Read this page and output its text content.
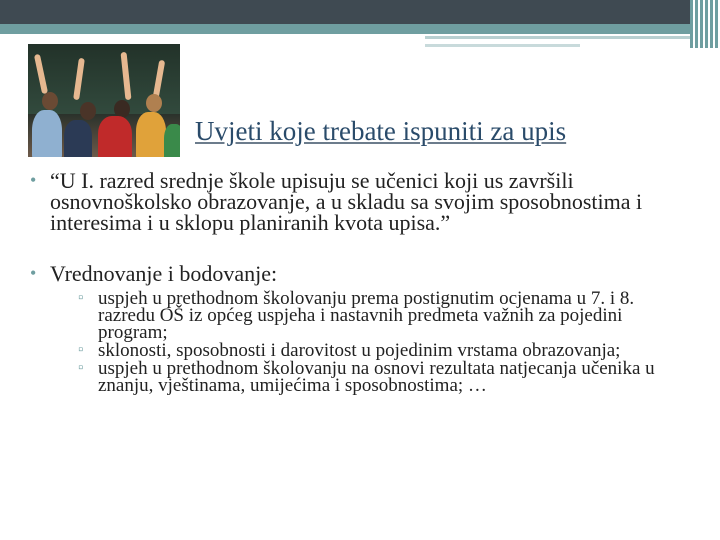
Uvjeti koje trebate ispuniti za upis
• “U I. razred srednje škole upisuju se učenici koji us završili osnovnoškolsko obrazovanje, a u skladu sa svojim sposobnostima i interesima i u sklopu planiranih kvota upisa.”
• Vrednovanje i bodovanje:
▫ uspjeh u prethodnom školovanju prema postignutim ocjenama u 7. i 8. razredu OŠ iz općeg uspjeha i nastavnih predmeta važnih za pojedini program;
▫ sklonosti, sposobnosti i darovitost u pojedinim vrstama obrazovanja;
▫ uspjeh u prethodnom školovanju na osnovi rezultata natjecanja učenika u znanju, vještinama, umijećima i sposobnostima; …
